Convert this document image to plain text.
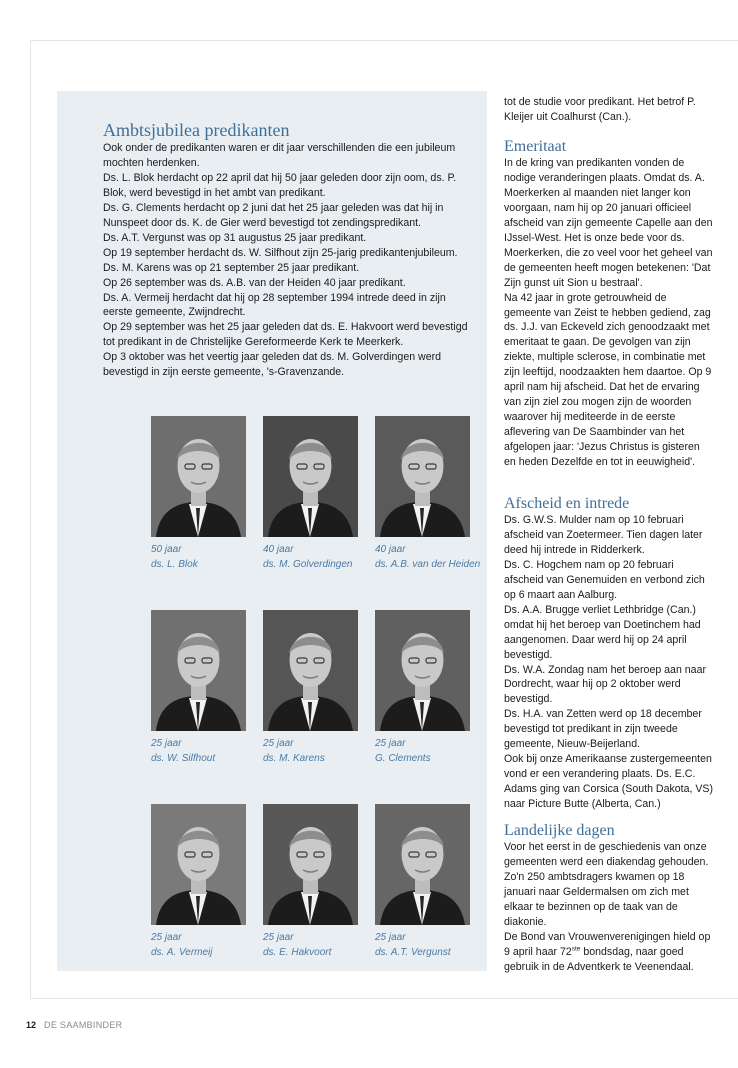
Ambtsjubilea predikanten

Ook onder de predikanten waren er dit jaar verschillenden die een jubileum mochten herdenken.

Ds. L. Blok herdacht op 22 april dat hij 50 jaar geleden door zijn oom, ds. P. Blok, werd bevestigd in het ambt van predikant.

Ds. G. Clements herdacht op 2 juni dat het 25 jaar geleden was dat hij in Nunspeet door ds. K. de Gier werd bevestigd tot zendingspredikant.

Ds. A.T. Vergunst was op 31 augustus 25 jaar predikant.

Op 19 september herdacht ds. W. Silfhout zijn 25-jarig predikantenjubileum.

Ds. M. Karens was op 21 september 25 jaar predikant.

Op 26 september was ds. A.B. van der Heiden 40 jaar predikant.

Ds. A. Vermeij herdacht dat hij op 28 september 1994 intrede deed in zijn eerste gemeente, Zwijndrecht.

Op 29 september was het 25 jaar geleden dat ds. E. Hakvoort werd bevestigd tot predikant in de Christelijke Gereformeerde Kerk te Meerkerk.

Op 3 oktober was het veertig jaar geleden dat ds. M. Golverdingen werd bevestigd in zijn eerste gemeente, 's-Gravenzande.

50 jaar
ds. L. Blok
40 jaar
ds. M. Golverdingen
40 jaar
ds. A.B. van der Heiden
25 jaar
ds. W. Silfhout
25 jaar
ds. M. Karens
25 jaar
G. Clements
25 jaar
ds. A. Vermeij
25 jaar
ds. E. Hakvoort
25 jaar
ds. A.T. Vergunst

tot de studie voor predikant. Het betrof P. Kleijer uit Coalhurst (Can.).

Emeritaat

In de kring van predikanten vonden de nodige veranderingen plaats. Omdat ds. A. Moerkerken al maanden niet langer kon voorgaan, nam hij op 20 januari officieel afscheid van zijn gemeente Capelle aan den IJssel-West. Het is onze bede voor ds. Moerkerken, die zo veel voor het geheel van de gemeenten heeft mogen betekenen: 'Dat Zijn gunst uit Sion u bestraal'.

Na 42 jaar in grote getrouwheid de gemeente van Zeist te hebben gediend, zag ds. J.J. van Eckeveld zich genoodzaakt met emeritaat te gaan. De gevolgen van zijn ziekte, multiple sclerose, in combinatie met zijn leeftijd, noodzaakten hem daartoe. Op 9 april nam hij afscheid. Dat het de ervaring van zijn ziel zou mogen zijn de woorden waarover hij mediteerde in de eerste aflevering van De Saambinder van het afgelopen jaar: 'Jezus Christus is gisteren en heden Dezelfde en tot in eeuwigheid'.

Afscheid en intrede

Ds. G.W.S. Mulder nam op 10 februari afscheid van Zoetermeer. Tien dagen later deed hij intrede in Ridderkerk.

Ds. C. Hogchem nam op 20 februari afscheid van Genemuiden en verbond zich op 6 maart aan Aalburg.

Ds. A.A. Brugge verliet Lethbridge (Can.) omdat hij het beroep van Doetinchem had aangenomen. Daar werd hij op 24 april bevestigd.

Ds. W.A. Zondag nam het beroep aan naar Dordrecht, waar hij op 2 oktober werd bevestigd.

Ds. H.A. van Zetten werd op 18 december bevestigd tot predikant in zijn tweede gemeente, Nieuw-Beijerland.

Ook bij onze Amerikaanse zustergemeenten vond er een verandering plaats. Ds. E.C. Adams ging van Corsica (South Dakota, VS) naar Picture Butte (Alberta, Can.)

Landelijke dagen

Voor het eerst in de geschiedenis van onze gemeenten werd een diakendag gehouden. Zo'n 250 ambtsdragers kwamen op 18 januari naar Geldermalsen om zich met elkaar te bezinnen op de taak van de diakonie.

De Bond van Vrouwenverenigingen hield op 9 april haar 72ste bondsdag, naar goed gebruik in de Adventkerk te Veenendaal.

12 DE SAAMBINDER
